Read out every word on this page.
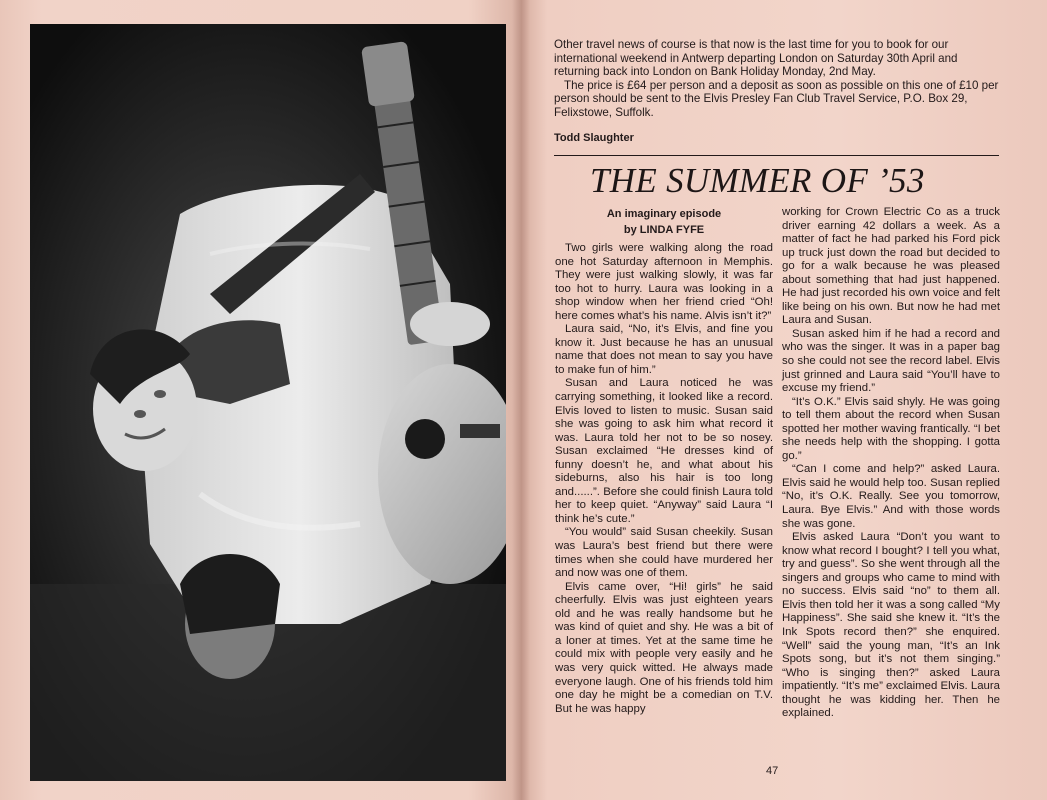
Other travel news of course is that now is the last time for you to book for our international weekend in Antwerp departing London on Saturday 30th April and returning back into London on Bank Holiday Monday, 2nd May.

The price is £64 per person and a deposit as soon as possible on this one of £10 per person should be sent to the Elvis Presley Fan Club Travel Service, P.O. Box 29, Felixstowe, Suffolk.

Todd Slaughter
THE SUMMER OF ’53
An imaginary episode
by LINDA FYFE

Two girls were walking along the road one hot Saturday afternoon in Memphis. They were just walking slowly, it was far too hot to hurry. Laura was looking in a shop window when her friend cried “Oh! here comes what’s his name. Alvis isn’t it?”

Laura said, “No, it’s Elvis, and fine you know it. Just because he has an unusual name that does not mean to say you have to make fun of him.”

Susan and Laura noticed he was carrying something, it looked like a record. Elvis loved to listen to music. Susan said she was going to ask him what record it was. Laura told her not to be so nosey. Susan exclaimed “He dresses kind of funny doesn’t he, and what about his sideburns, also his hair is too long and......”. Before she could finish Laura told her to keep quiet. “Anyway” said Laura “I think he’s cute.”

“You would” said Susan cheekily. Susan was Laura’s best friend but there were times when she could have murdered her and now was one of them.

Elvis came over, “Hi! girls” he said cheerfully. Elvis was just eighteen years old and he was really handsome but he was kind of quiet and shy. He was a bit of a loner at times. Yet at the same time he could mix with people very easily and he was very quick witted. He always made everyone laugh. One of his friends told him one day he might be a comedian on T.V. But he was happy

working for Crown Electric Co as a truck driver earning 42 dollars a week. As a matter of fact he had parked his Ford pick up truck just down the road but decided to go for a walk because he was pleased about something that had just happened. He had just recorded his own voice and felt like being on his own. But now he had met Laura and Susan.

Susan asked him if he had a record and who was the singer. It was in a paper bag so she could not see the record label. Elvis just grinned and Laura said “You’ll have to excuse my friend.”

“It’s O.K.” Elvis said shyly. He was going to tell them about the record when Susan spotted her mother waving frantically. “I bet she needs help with the shopping. I gotta go.”

“Can I come and help?” asked Laura. Elvis said he would help too. Susan replied “No, it’s O.K. Really. See you tomorrow, Laura. Bye Elvis.” And with those words she was gone.

Elvis asked Laura “Don’t you want to know what record I bought? I tell you what, try and guess”. So she went through all the singers and groups who came to mind with no success. Elvis said “no” to them all. Elvis then told her it was a song called “My Happiness”. She said she knew it. “It’s the Ink Spots record then?” she enquired. “Well” said the young man, “It’s an Ink Spots song, but it’s not them singing.” “Who is singing then?” asked Laura impatiently. “It’s me” exclaimed Elvis. Laura thought he was kidding her. Then he explained.

47
